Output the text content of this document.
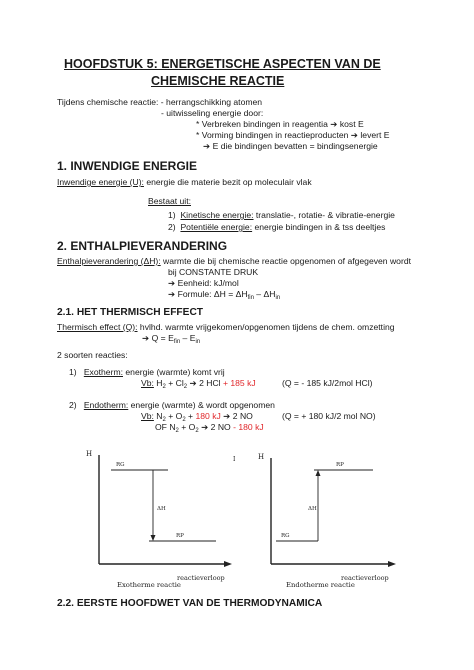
HOOFDSTUK 5: ENERGETISCHE ASPECTEN VAN DE
CHEMISCHE REACTIE
Tijdens chemische reactie: - herrangschikking atomen
- uitwisseling energie door:
* Verbreken bindingen in reagentia ➔ kost E
* Vorming bindingen in reactieproducten ➔ levert E
➔ E die bindingen bevatten = bindingsenergie
1. INWENDIGE ENERGIE
Inwendige energie (U): energie die materie bezit op moleculair vlak
Bestaat uit:
1) Kinetische energie: translatie-, rotatie- & vibratie-energie
2) Potentiële energie: energie bindingen in & tss deeltjes
2. ENTHALPIEVERANDERING
Enthalpieverandering (ΔH): warmte die bij chemische reactie opgenomen of afgegeven wordt
bij CONSTANTE DRUK
➔ Eenheid: kJ/mol
➔ Formule: $\Delta H = \Delta H_{fin} - \Delta H_{in}$
2.1. HET THERMISCH EFFECT
Thermisch effect (Q): hvlhd. warmte vrijgekomen/opgenomen tijdens de chem. omzetting
➔ $Q = E_{fin} - E_{in}$
2 soorten reacties:
1) Exotherm: energie (warmte) komt vrij
Vb: $H_2 + Cl_2$ ➔ 2 HCl + 185 kJ	(Q = - 185 kJ/2mol HCl)
2) Endotherm: energie (warmte) & wordt opgenomen
Vb: $N_2 + O_2 + 180$ kJ ➔ 2 NO	(Q = + 180 kJ/2 mol NO)
OF $N_2 + O_2$ ➔ 2 NO - 180 kJ
H
RG
ΔH
RP
reactieverloop
Exotherme reactie
I	H
RP
ΔH
RG
reactieverloop
Endotherme reactie
2.2. EERSTE HOOFDWET VAN DE THERMODYNAMICA
